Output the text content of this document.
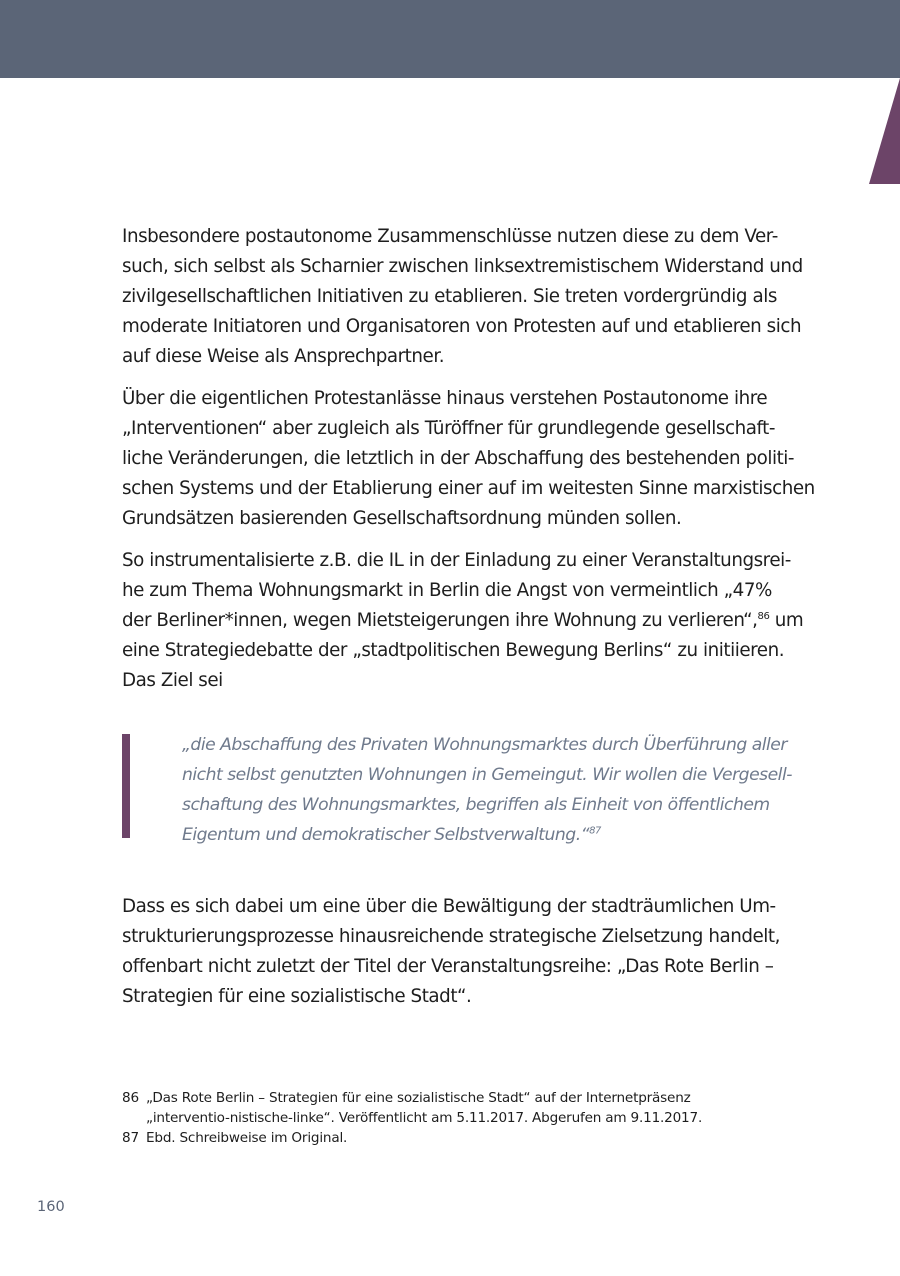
Insbesondere postautonome Zusammenschlüsse nutzen diese zu dem Ver-
such, sich selbst als Scharnier zwischen linksextremistischem Widerstand und
zivilgesellschaftlichen Initiativen zu etablieren. Sie treten vordergründig als
moderate Initiatoren und Organisatoren von Protesten auf und etablieren sich
auf diese Weise als Ansprechpartner.

Über die eigentlichen Protestanlässe hinaus verstehen Postautonome ihre
„Interventionen“ aber zugleich als Türöffner für grundlegende gesellschaft-
liche Veränderungen, die letztlich in der Abschaffung des bestehenden politi-
schen Systems und der Etablierung einer auf im weitesten Sinne marxistischen
Grundsätzen basierenden Gesellschaftsordnung münden sollen.

So instrumentalisierte z.B. die IL in der Einladung zu einer Veranstaltungsrei-
he zum Thema Wohnungsmarkt in Berlin die Angst von vermeintlich „47%
der Berliner*innen, wegen Mietsteigerungen ihre Wohnung zu verlieren“,$^{86}$ um
eine Strategiedebatte der „stadtpolitischen Bewegung Berlins“ zu initiieren.
Das Ziel sei

„die Abschaffung des Privaten Wohnungsmarktes durch Überführung aller
nicht selbst genutzten Wohnungen in Gemeingut. Wir wollen die Vergesell-
schaftung des Wohnungsmarktes, begriffen als Einheit von öffentlichem
Eigentum und demokratischer Selbstverwaltung.“$^{87}$

Dass es sich dabei um eine über die Bewältigung der stadträumlichen Um-
strukturierungsprozesse hinausreichende strategische Zielsetzung handelt,
offenbart nicht zuletzt der Titel der Veranstaltungsreihe: „Das Rote Berlin –
Strategien für eine sozialistische Stadt“.

86 „Das Rote Berlin – Strategien für eine sozialistische Stadt“ auf der Internetpräsenz „interventio-nistische-linke“. Veröffentlicht am 5.11.2017. Abgerufen am 9.11.2017.
87 Ebd. Schreibweise im Original.
160
